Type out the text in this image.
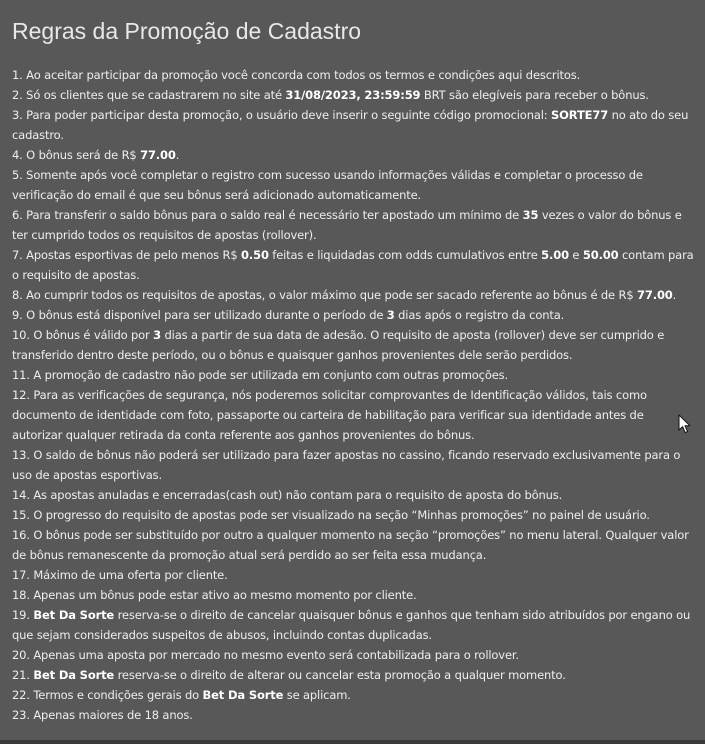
Regras da Promoção de Cadastro
1. Ao aceitar participar da promoção você concorda com todos os termos e condições aqui descritos.
2. Só os clientes que se cadastrarem no site até 31/08/2023, 23:59:59 BRT são elegíveis para receber o bônus.
3. Para poder participar desta promoção, o usuário deve inserir o seguinte código promocional: SORTE77 no ato do seu cadastro.
4. O bônus será de R$ 77.00.
5. Somente após você completar o registro com sucesso usando informações válidas e completar o processo de verificação do email é que seu bônus será adicionado automaticamente.
6. Para transferir o saldo bônus para o saldo real é necessário ter apostado um mínimo de 35 vezes o valor do bônus e ter cumprido todos os requisitos de apostas (rollover).
7. Apostas esportivas de pelo menos R$ 0.50 feitas e liquidadas com odds cumulativos entre 5.00 e 50.00 contam para o requisito de apostas.
8. Ao cumprir todos os requisitos de apostas, o valor máximo que pode ser sacado referente ao bônus é de R$ 77.00.
9. O bônus está disponível para ser utilizado durante o período de 3 dias após o registro da conta.
10. O bônus é válido por 3 dias a partir de sua data de adesão. O requisito de aposta (rollover) deve ser cumprido e transferido dentro deste período, ou o bônus e quaisquer ganhos provenientes dele serão perdidos.
11. A promoção de cadastro não pode ser utilizada em conjunto com outras promoções.
12. Para as verificações de segurança, nós poderemos solicitar comprovantes de Identificação válidos, tais como documento de identidade com foto, passaporte ou carteira de habilitação para verificar sua identidade antes de autorizar qualquer retirada da conta referente aos ganhos provenientes do bônus.
13. O saldo de bônus não poderá ser utilizado para fazer apostas no cassino, ficando reservado exclusivamente para o uso de apostas esportivas.
14. As apostas anuladas e encerradas(cash out) não contam para o requisito de aposta do bônus.
15. O progresso do requisito de apostas pode ser visualizado na seção “Minhas promoções” no painel de usuário.
16. O bônus pode ser substituído por outro a qualquer momento na seção “promoções” no menu lateral. Qualquer valor de bônus remanescente da promoção atual será perdido ao ser feita essa mudança.
17. Máximo de uma oferta por cliente.
18. Apenas um bônus pode estar ativo ao mesmo momento por cliente.
19. Bet Da Sorte reserva-se o direito de cancelar quaisquer bônus e ganhos que tenham sido atribuídos por engano ou que sejam considerados suspeitos de abusos, incluindo contas duplicadas.
20. Apenas uma aposta por mercado no mesmo evento será contabilizada para o rollover.
21. Bet Da Sorte reserva-se o direito de alterar ou cancelar esta promoção a qualquer momento.
22. Termos e condições gerais do Bet Da Sorte se aplicam.
23. Apenas maiores de 18 anos.
